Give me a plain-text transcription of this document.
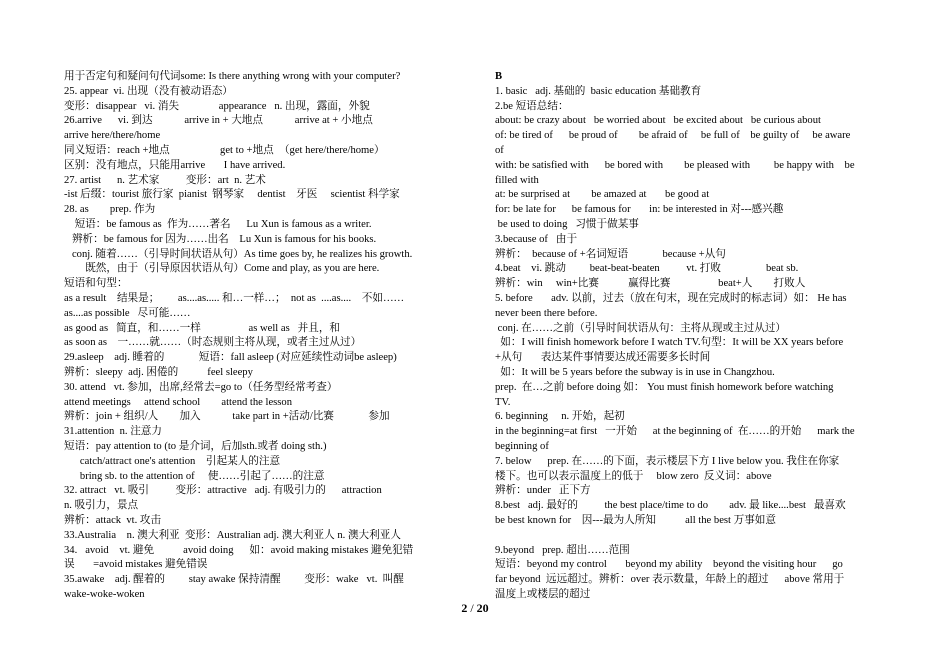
用于否定句和疑问句代词some: Is there anything wrong with your computer?
25. appear  vi. 出现（没有被动语态）
变形：disappear   vi. 消失               appearance   n. 出现，露面，外貌
26.arrive      vi. 到达            arrive in + 大地点            arrive at + 小地点
arrive here/there/home
同义短语：reach +地点                   get to +地点  （get here/there/home）
区别：没有地点，只能用arrive       I have arrived.
27. artist      n. 艺术家          变形：art  n. 艺术
-ist 后缀：tourist 旅行家  pianist  钢琴家     dentist    牙医     scientist 科学家
28. as        prep. 作为
短语：be famous as  作为……著名      Lu Xun is famous as a writer.
辨析：be famous for 因为……出名    Lu Xun is famous for his books.
conj. 随着……（引导时间状语从句）As time goes by, he realizes his growth.
既然，由于（引导原因状语从句）Come and play, as you are here.
短语和句型：
as a result    结果是；       as....as..... 和…一样…；  not as  ....as....    不如……
as....as possible   尽可能……
as good as   简直，和……一样                  as well as   并且，和
as soon as    一……就……（时态规则主将从现，或者主过从过）
29.asleep    adj. 睡着的             短语：fall asleep (对应延续性动词be asleep)
辨析：sleepy  adj. 困倦的           feel sleepy
30. attend   vt. 参加，出席,经常去=go to（任务型经常考查）
attend meetings     attend school        attend the lesson
辨析：join + 组织/人        加入            take part in +活动/比赛             参加
31.attention  n. 注意力
短语：pay attention to (to 是介词，后加sth.或者 doing sth.)
catch/attract one's attention    引起某人的注意
bring sb. to the attention of     使……引起了……的注意
32. attract   vt. 吸引          变形：attractive   adj. 有吸引力的      attraction
n. 吸引力，景点
辨析：attack  vt. 攻击
33.Australia    n. 澳大利亚  变形：Australian adj. 澳大利亚人 n. 澳大利亚人
34.   avoid    vt. 避免           avoid doing      如：avoid making mistakes 避免犯错
误       =avoid mistakes 避免错误
35.awake    adj. 醒着的         stay awake 保持清醒         变形：wake   vt.  叫醒
wake-woke-woken
B
1. basic   adj. 基础的  basic education 基础教育
2.be 短语总结：
about: be crazy about   be worried about   be excited about   be curious about
of: be tired of      be proud of        be afraid of     be full of    be guilty of     be aware
of
with: be satisfied with      be bored with        be pleased with         be happy with    be
filled with
at: be surprised at        be amazed at       be good at
for: be late for      be famous for       in: be interested in 对---感兴趣
be used to doing   习惯于做某事
3.because of   由于
辨析：  because of +名词短语             because +从句
4.beat    vi. 跳动         beat-beat-beaten          vt. 打败                 beat sb.
辨析：win     win+比赛           赢得比赛                  beat+人        打败人
5. before       adv. 以前，过去（放在句末，现在完成时的标志词）如： He has
never been there before.
conj. 在……之前（引导时间状语从句：主将从现或主过从过）
如：I will finish homework before I watch TV.句型：It will be XX years before
+从句       表达某件事情要达成还需要多长时间
如：It will be 5 years before the subway is in use in Changzhou.
prep.  在…之前 before doing 如： You must finish homework before watching
TV.
6. beginning     n. 开始，起初
in the beginning=at first   一开始      at the beginning of  在……的开始      mark the
beginning of
7. below      prep. 在……的下面，表示楼层下方 I live below you. 我住在你家
楼下。也可以表示温度上的低于     blow zero  反义词：above
辨析：under   正下方
8.best   adj. 最好的          the best place/time to do        adv. 最 like....best   最喜欢
be best known for    因---最为人所知           all the best 万事如意
9.beyond   prep. 超出……范围
短语：beyond my control       beyond my ability    beyond the visiting hour      go
far beyond  远远超过。辨析：over 表示数量，年龄上的超过      above 常用于
温度上或楼层的超过
2 / 20
